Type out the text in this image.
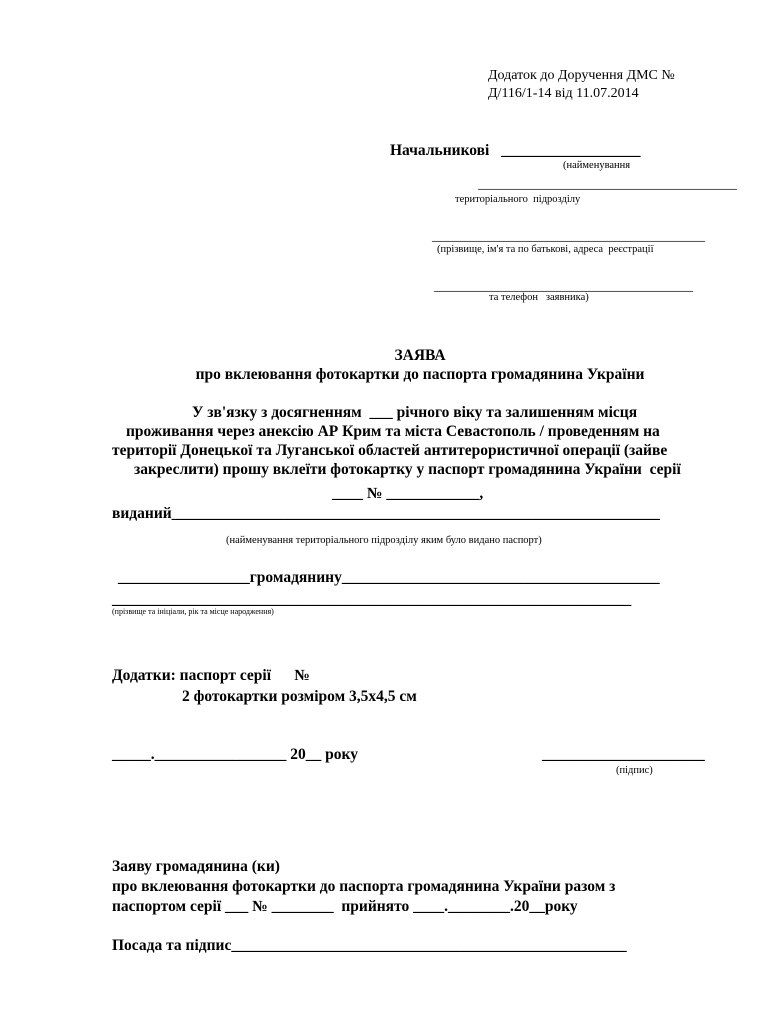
Додаток до Доручення ДМС №
Д/116/1-14 від 11.07.2014
Начальникові   __________________
(найменування
_____________________________________
територіального  підрозділу
_______________________________________
(прізвище, ім'я та по батькові, адреса  реєстрації
_____________________________________
та телефон   заявника)
ЗАЯВА
про вклеювання фотокартки до паспорта громадянина України
У зв'язку з досягненням  ___ річного віку та залишенням місця
проживання через анексію АР Крим та міста Севастополь / проведенням на
території Донецької та Луганської областей антитерористичної операції (зайве
закреслити) прошу вклеїти фотокартку у паспорт громадянина України  серії
____ № ____________,
виданий_______________________________________________________________
(найменування територіального підрозділу яким було видано паспорт)
_________________громадянину_________________________________________
___________________________________________________________________
(прізвище та ініціали, рік та місце народження)
Додатки: паспорт серії      №
2 фотокартки розміром 3,5х4,5 см
_____._________________ 20__ року	_____________________
(підпис)
Заяву громадянина (ки)
про вклеювання фотокартки до паспорта громадянина України разом з
паспортом серії ___ № ________  прийнято ____.________.20__року
Посада та підпис___________________________________________________
